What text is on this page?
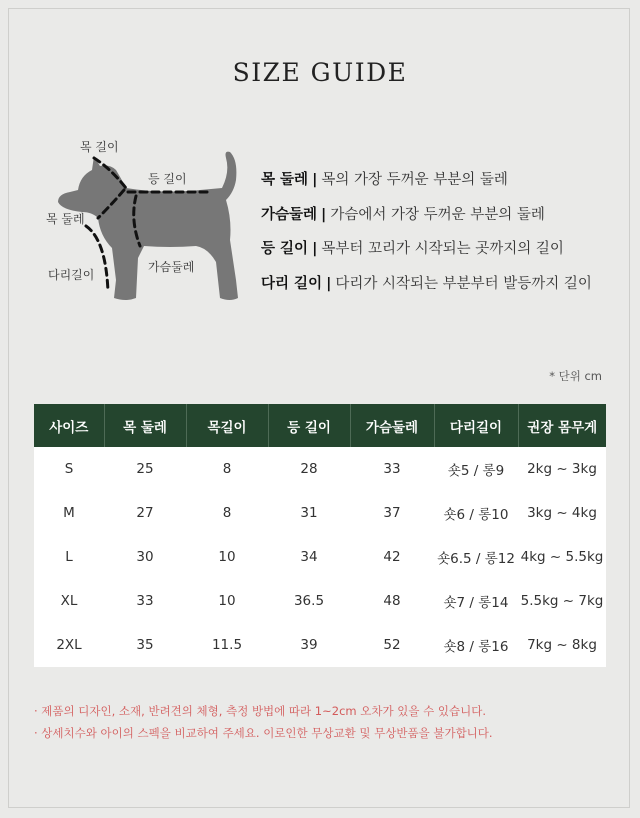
SIZE GUIDE
목 길이
등 길이
목 둘레
가슴둘레
다리길이
목 둘레 | 목의 가장 두꺼운 부분의 둘레
가슴둘레 | 가슴에서 가장 두꺼운 부분의 둘레
등 길이 | 목부터 꼬리가 시작되는 곳까지의 길이
다리 길이 | 다리가 시작되는 부분부터 발등까지 길이
* 단위 cm
사이즈	목 둘레	목길이	등 길이	가슴둘레	다리길이	권장 몸무게
S	25	8	28	33	숏5 / 롱9	2kg ~ 3kg
M	27	8	31	37	숏6 / 롱10	3kg ~ 4kg
L	30	10	34	42	숏6.5 / 롱12	4kg ~ 5.5kg
XL	33	10	36.5	48	숏7 / 롱14	5.5kg ~ 7kg
2XL	35	11.5	39	52	숏8 / 롱16	7kg ~ 8kg
· 제품의 디자인, 소재, 반려견의 체형, 측정 방법에 따라 1~2cm 오차가 있을 수 있습니다.
· 상세치수와 아이의 스펙을 비교하여 주세요. 이로인한 무상교환 및 무상반품을 불가합니다.
